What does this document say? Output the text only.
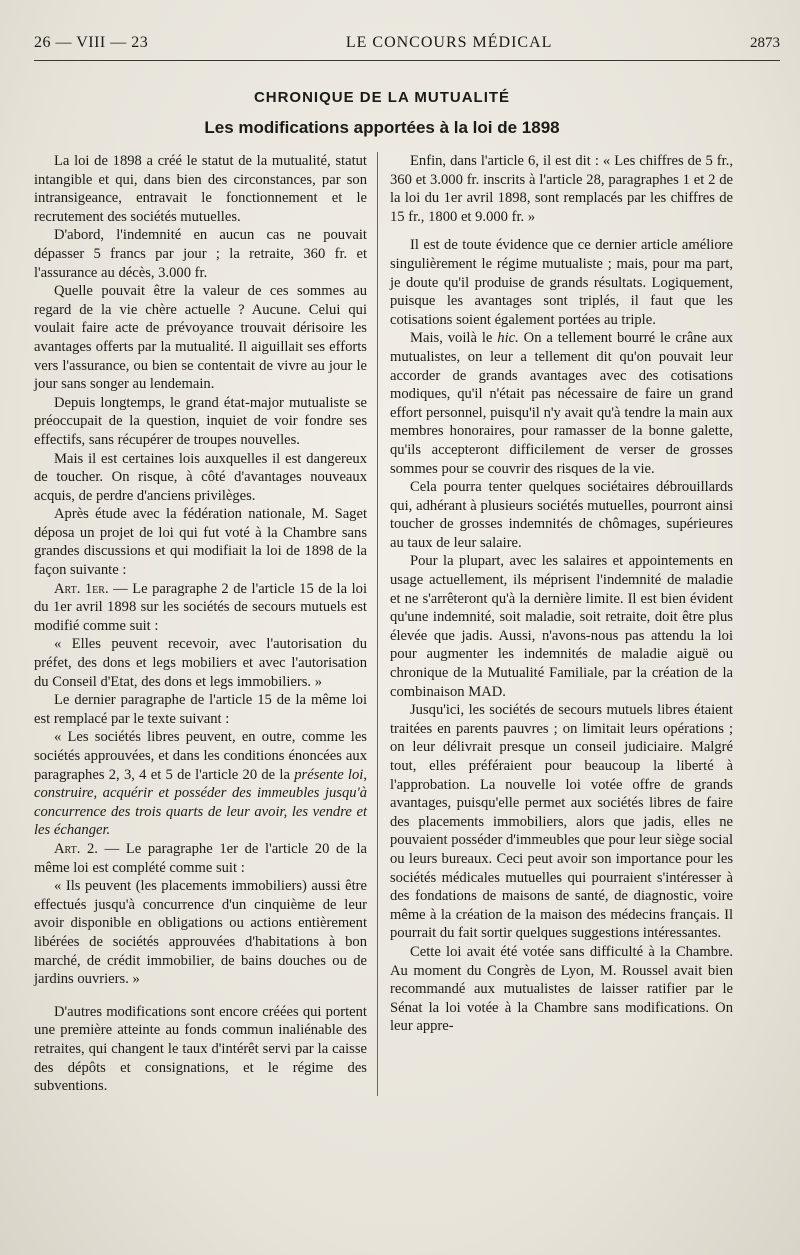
26 — VIII — 23	LE CONCOURS MÉDICAL	2873
CHRONIQUE DE LA MUTUALITÉ
Les modifications apportées à la loi de 1898

La loi de 1898 a créé le statut de la mutualité, statut intangible et qui, dans bien des circonstances, par son intransigeance, entravait le fonctionnement et le recrutement des sociétés mutuelles.

D'abord, l'indemnité en aucun cas ne pouvait dépasser 5 francs par jour ; la retraite, 360 fr. et l'assurance au décès, 3.000 fr.

Quelle pouvait être la valeur de ces sommes au regard de la vie chère actuelle ? Aucune. Celui qui voulait faire acte de prévoyance trouvait dérisoire les avantages offerts par la mutualité. Il aiguillait ses efforts vers l'assurance, ou bien se contentait de vivre au jour le jour sans songer au lendemain.

Depuis longtemps, le grand état-major mutualiste se préoccupait de la question, inquiet de voir fondre ses effectifs, sans récupérer de troupes nouvelles.

Mais il est certaines lois auxquelles il est dangereux de toucher. On risque, à côté d'avantages nouveaux acquis, de perdre d'anciens privilèges.

Après étude avec la fédération nationale, M. Saget déposa un projet de loi qui fut voté à la Chambre sans grandes discussions et qui modifiait la loi de 1898 de la façon suivante :

Art. 1er. — Le paragraphe 2 de l'article 15 de la loi du 1er avril 1898 sur les sociétés de secours mutuels est modifié comme suit :

« Elles peuvent recevoir, avec l'autorisation du préfet, des dons et legs mobiliers et avec l'autorisation du Conseil d'Etat, des dons et legs immobiliers. »

Le dernier paragraphe de l'article 15 de la même loi est remplacé par le texte suivant :

« Les sociétés libres peuvent, en outre, comme les sociétés approuvées, et dans les conditions énoncées aux paragraphes 2, 3, 4 et 5 de l'article 20 de la présente loi, construire, acquérir et posséder des immeubles jusqu'à concurrence des trois quarts de leur avoir, les vendre et les échanger.

Art. 2. — Le paragraphe 1er de l'article 20 de la même loi est complété comme suit :

« Ils peuvent (les placements immobiliers) aussi être effectués jusqu'à concurrence d'un cinquième de leur avoir disponible en obligations ou actions entièrement libérées de sociétés approuvées d'habitations à bon marché, de crédit immobilier, de bains douches ou de jardins ouvriers. »

D'autres modifications sont encore créées qui portent une première atteinte au fonds commun inaliénable des retraites, qui changent le taux d'intérêt servi par la caisse des dépôts et consignations, et le régime des subventions.

Enfin, dans l'article 6, il est dit : « Les chiffres de 5 fr., 360 et 3.000 fr. inscrits à l'article 28, paragraphes 1 et 2 de la loi du 1er avril 1898, sont remplacés par les chiffres de 15 fr., 1800 et 9.000 fr. »

Il est de toute évidence que ce dernier article améliore singulièrement le régime mutualiste ; mais, pour ma part, je doute qu'il produise de grands résultats. Logiquement, puisque les avantages sont triplés, il faut que les cotisations soient également portées au triple.

Mais, voilà le hic. On a tellement bourré le crâne aux mutualistes, on leur a tellement dit qu'on pouvait leur accorder de grands avantages avec des cotisations modiques, qu'il n'était pas nécessaire de faire un grand effort personnel, puisqu'il n'y avait qu'à tendre la main aux membres honoraires, pour ramasser de la bonne galette, qu'ils accepteront difficilement de verser de grosses sommes pour se couvrir des risques de la vie.

Cela pourra tenter quelques sociétaires débrouillards qui, adhérant à plusieurs sociétés mutuelles, pourront ainsi toucher de grosses indemnités de chômages, supérieures au taux de leur salaire.

Pour la plupart, avec les salaires et appointements en usage actuellement, ils méprisent l'indemnité de maladie et ne s'arrêteront qu'à la dernière limite. Il est bien évident qu'une indemnité, soit maladie, soit retraite, doit être plus élevée que jadis. Aussi, n'avons-nous pas attendu la loi pour augmenter les indemnités de maladie aiguë ou chronique de la Mutualité Familiale, par la création de la combinaison MAD.

Jusqu'ici, les sociétés de secours mutuels libres étaient traitées en parents pauvres ; on limitait leurs opérations ; on leur délivrait presque un conseil judiciaire. Malgré tout, elles préféraient pour beaucoup la liberté à l'approbation. La nouvelle loi votée offre de grands avantages, puisqu'elle permet aux sociétés libres de faire des placements immobiliers, alors que jadis, elles ne pouvaient posséder d'immeubles que pour leur siège social ou leurs bureaux. Ceci peut avoir son importance pour les sociétés médicales mutuelles qui pourraient s'intéresser à des fondations de maisons de santé, de diagnostic, voire même à la création de la maison des médecins français. Il pourrait du fait sortir quelques suggestions intéressantes.

Cette loi avait été votée sans difficulté à la Chambre. Au moment du Congrès de Lyon, M. Roussel avait bien recommandé aux mutualistes de laisser ratifier par le Sénat la loi votée à la Chambre sans modifications. On leur appre-
